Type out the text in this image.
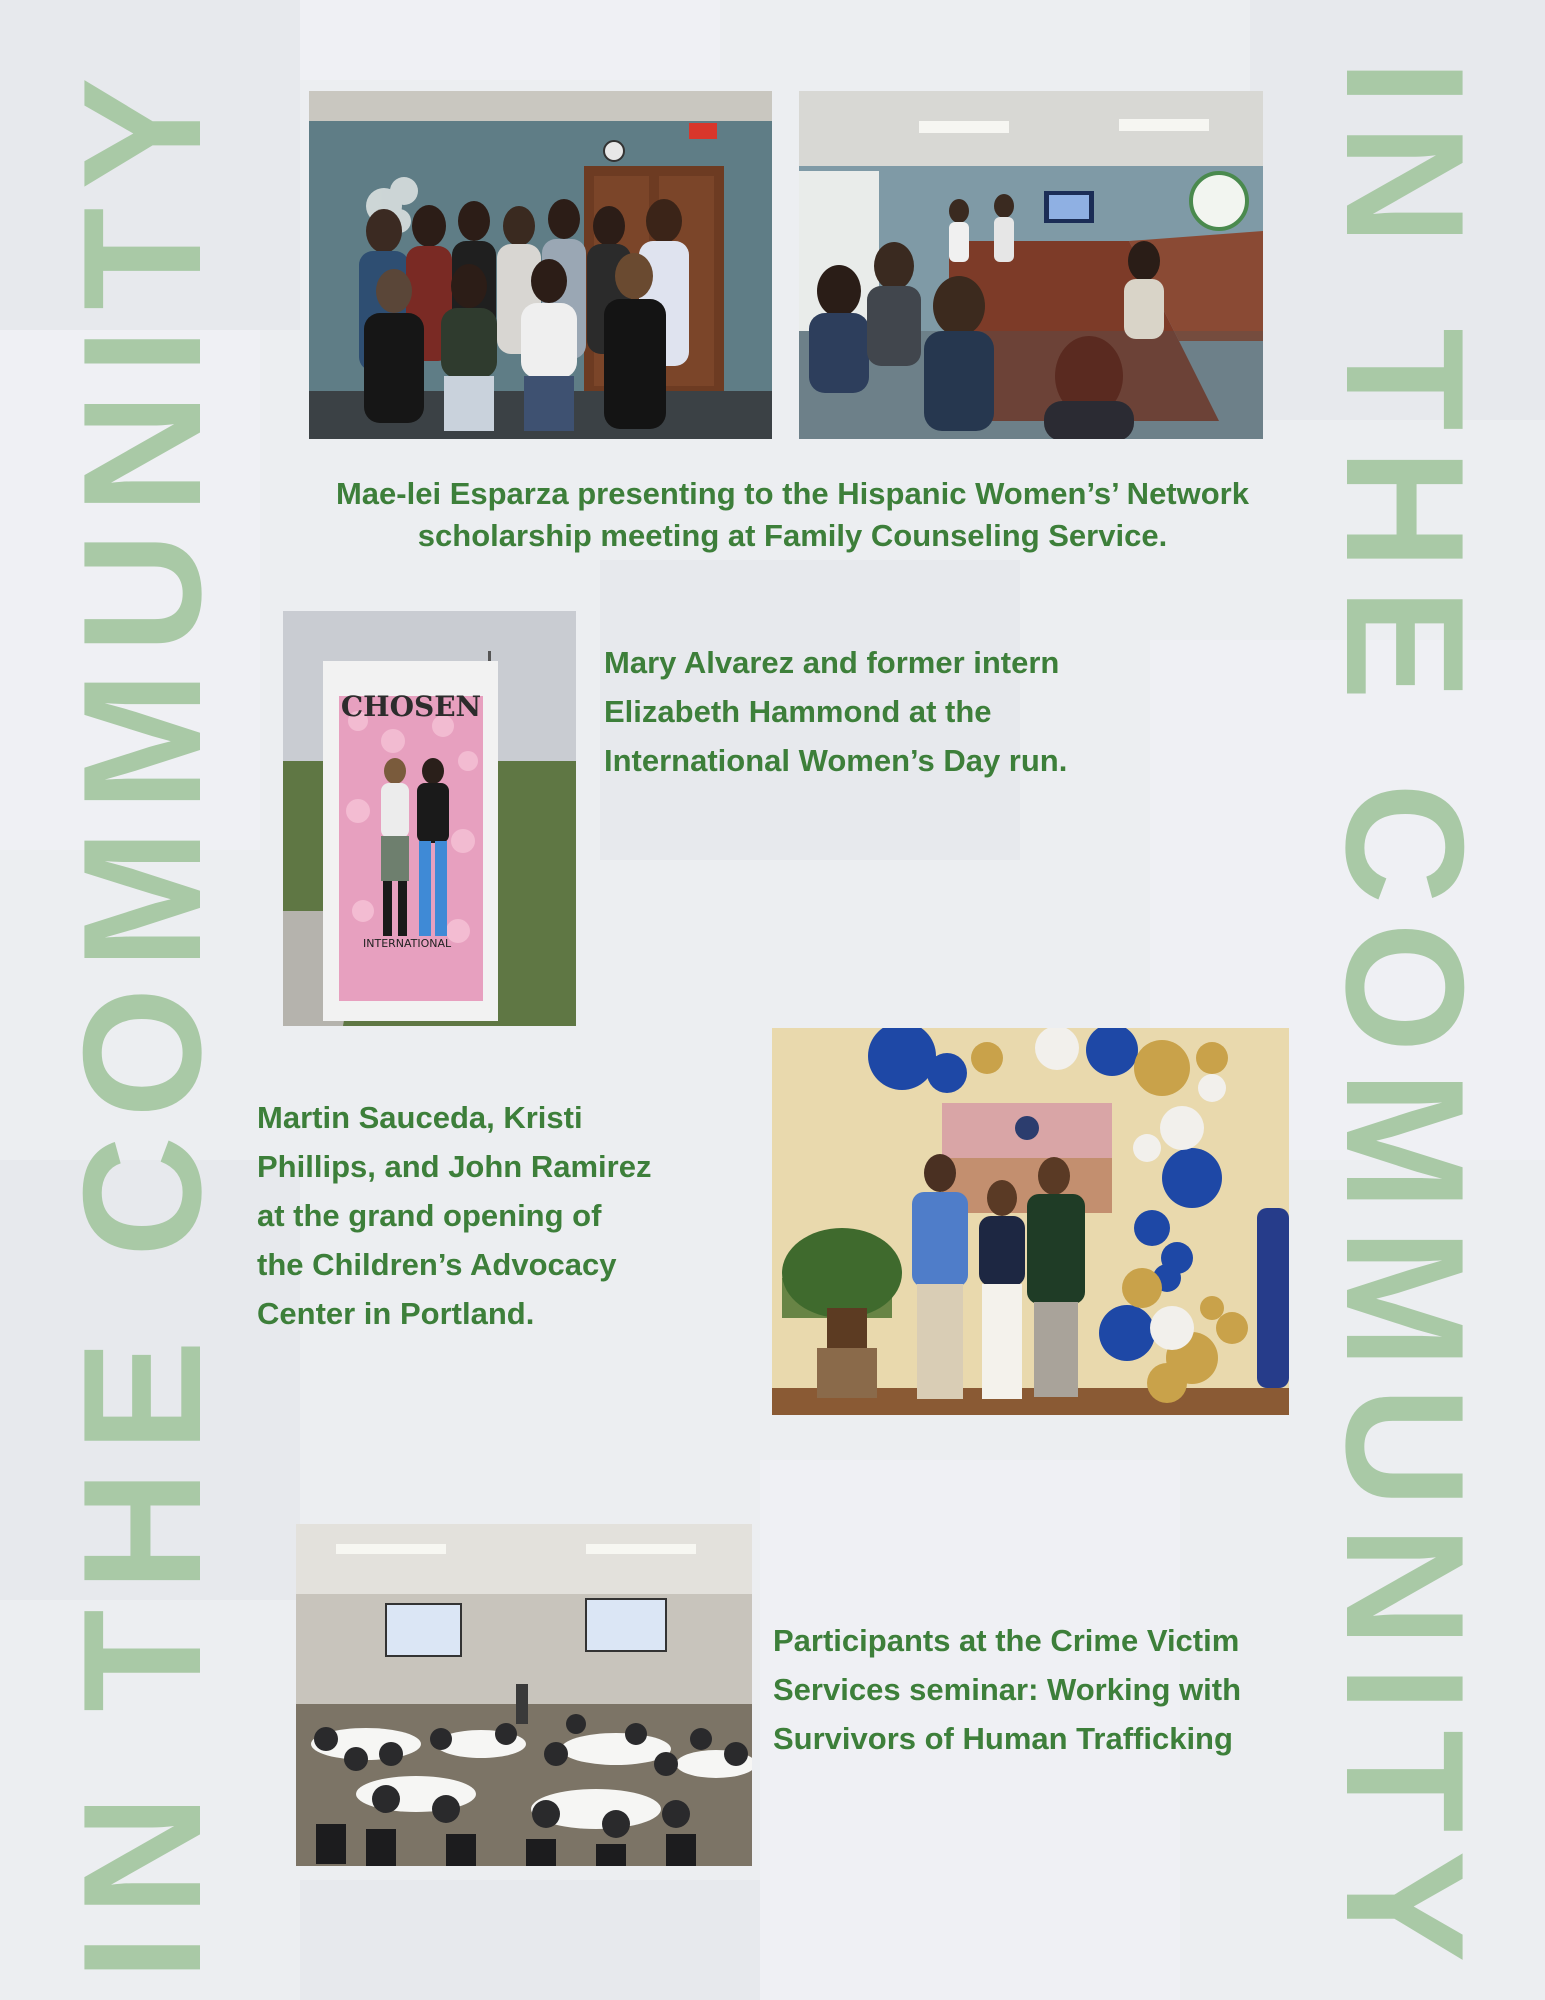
IN THE COMMUNITY	IN THE COMMUNITY
Mae-lei Esparza presenting to the Hispanic Women’s’ Network
scholarship meeting at Family Counseling Service.
CHOSEN
INTERNATIONAL
Mary Alvarez and former intern
Elizabeth Hammond at the
International Women’s Day run.
Martin Sauceda, Kristi
Phillips, and John Ramirez
at the grand opening of
the Children’s Advocacy
Center in Portland.
Participants at the Crime Victim
Services seminar: Working with
Survivors of Human Trafficking
